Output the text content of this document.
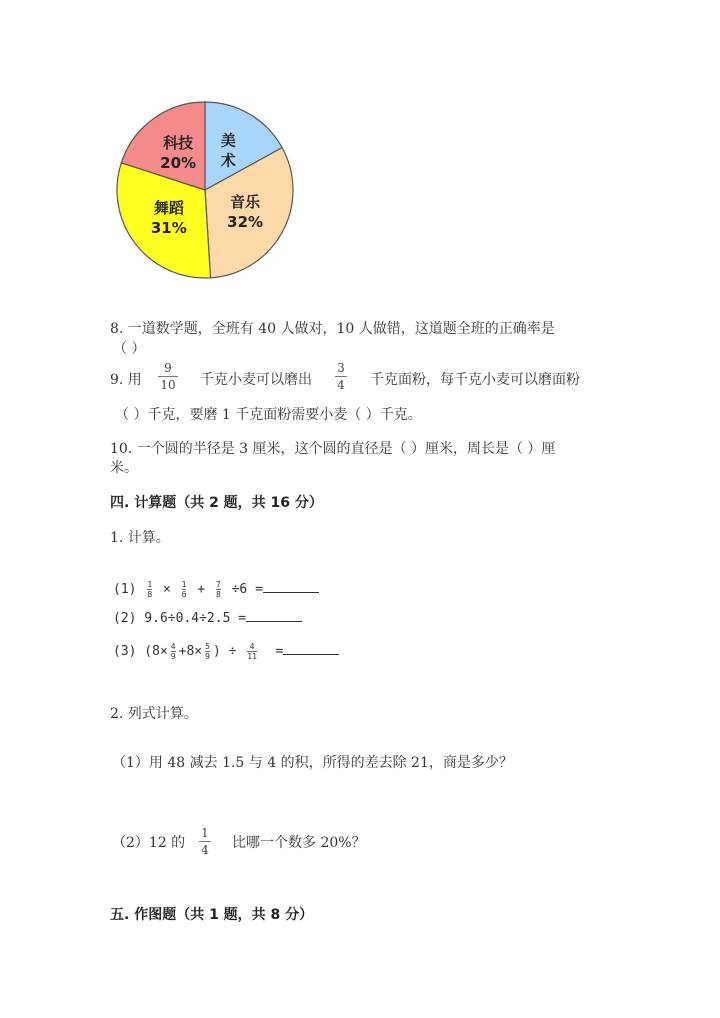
美
术
音乐
32%
舞蹈
31%
科技
20%
8. 一道数学题，全班有 40 人做对，10 人做错，这道题全班的正确率是
（ ）
9. 用
9
10 千克小麦可以磨出
3
4 千克面粉，每千克小麦可以磨面粉
（ ）千克，要磨 1 千克面粉需要小麦（ ）千克。
10. 一个圆的半径是 3 厘米，这个圆的直径是（ ）厘米，周长是（ ）厘
米。
四. 计算题（共 2 题，共 16 分）
1. 计算。
$(1) \frac{1}{8} \times \frac{1}{6} + \frac{7}{8} \div 6$ =
(2) 9.6÷0.4÷2.5 =
(3) ($8\times \frac{4}{9} +8\times \frac{5}{9}$ ) ÷ $\frac{4}{11}$ =
2. 列式计算。
（1）用 48 减去 1.5 与 4 的积，所得的差去除 21，商是多少？
（2）12 的
1
4 比哪一个数多 20%？
五. 作图题（共 1 题，共 8 分）
